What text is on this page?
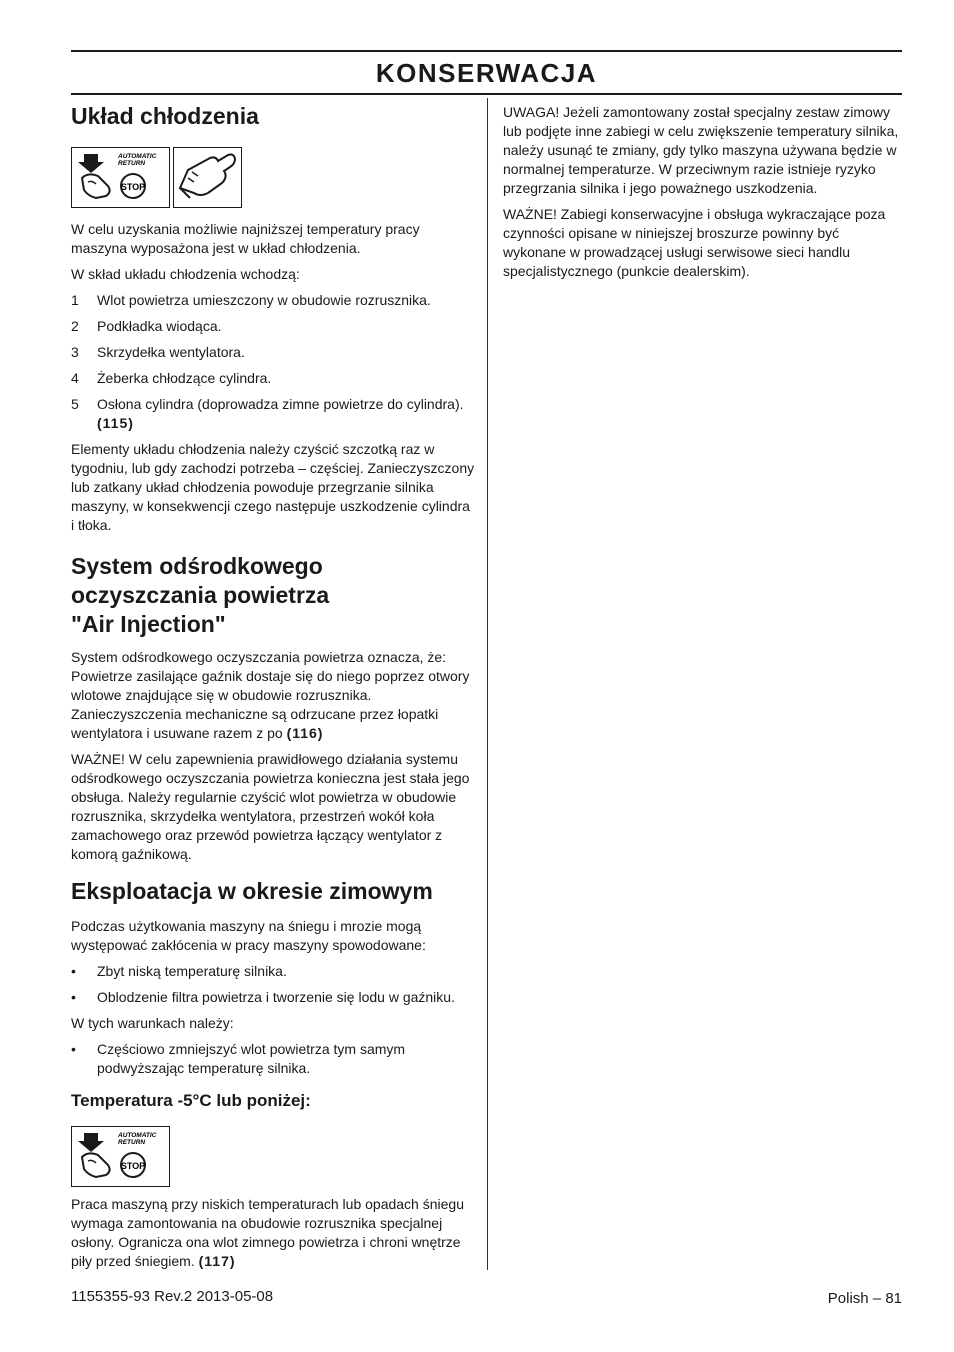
KONSERWACJA
Układ chłodzenia
AUTOMATIC
RETURN
STOP

W celu uzyskania możliwie najniższej temperatury pracy maszyna wyposażona jest w układ chłodzenia.

W skład układu chłodzenia wchodzą:

1 Wlot powietrza umieszczony w obudowie rozrusznika.
2 Podkładka wiodąca.
3 Skrzydełka wentylatora.
4 Żeberka chłodzące cylindra.
5 Osłona cylindra (doprowadza zimne powietrze do cylindra). (115)

Elementy układu chłodzenia należy czyścić szczotką raz w tygodniu, lub gdy zachodzi potrzeba – częściej. Zanieczyszczony lub zatkany układ chłodzenia powoduje przegrzanie silnika maszyny, w konsekwencji czego następuje uszkodzenie cylindra i tłoka.

System odśrodkowego oczyszczania powietrza "Air Injection"

System odśrodkowego oczyszczania powietrza oznacza, że: Powietrze zasilające gaźnik dostaje się do niego poprzez otwory wlotowe znajdujące się w obudowie rozrusznika. Zanieczyszczenia mechaniczne są odrzucane przez łopatki wentylatora i usuwane razem z po (116)

WAŻNE! W celu zapewnienia prawidłowego działania systemu odśrodkowego oczyszczania powietrza konieczna jest stała jego obsługa. Należy regularnie czyścić wlot powietrza w obudowie rozrusznika, skrzydełka wentylatora, przestrzeń wokół koła zamachowego oraz przewód powietrza łączący wentylator z komorą gaźnikową.

Eksploatacja w okresie zimowym

Podczas użytkowania maszyny na śniegu i mrozie mogą występować zakłócenia w pracy maszyny spowodowane:

• Zbyt niską temperaturę silnika.
• Oblodzenie filtra powietrza i tworzenie się lodu w gaźniku.

W tych warunkach należy:

• Częściowo zmniejszyć wlot powietrza tym samym podwyższając temperaturę silnika.
Temperatura -5°C lub poniżej:
AUTOMATIC
RETURN
STOP

Praca maszyną przy niskich temperaturach lub opadach śniegu wymaga zamontowania na obudowie rozrusznika specjalnej osłony. Ogranicza ona wlot zimnego powietrza i chroni wnętrze piły przed śniegiem. (117)

UWAGA! Jeżeli zamontowany został specjalny zestaw zimowy lub podjęte inne zabiegi w celu zwiększenie temperatury silnika, należy usunąć te zmiany, gdy tylko maszyna używana będzie w normalnej temperaturze. W przeciwnym razie istnieje ryzyko przegrzania silnika i jego poważnego uszkodzenia.

WAŻNE! Zabiegi konserwacyjne i obsługa wykraczające poza czynności opisane w niniejszej broszurze powinny być wykonane w prowadzącej usługi serwisowe sieci handlu specjalistycznego (punkcie dealerskim).

1155355-93 Rev.2 2013-05-08	Polish – 81
